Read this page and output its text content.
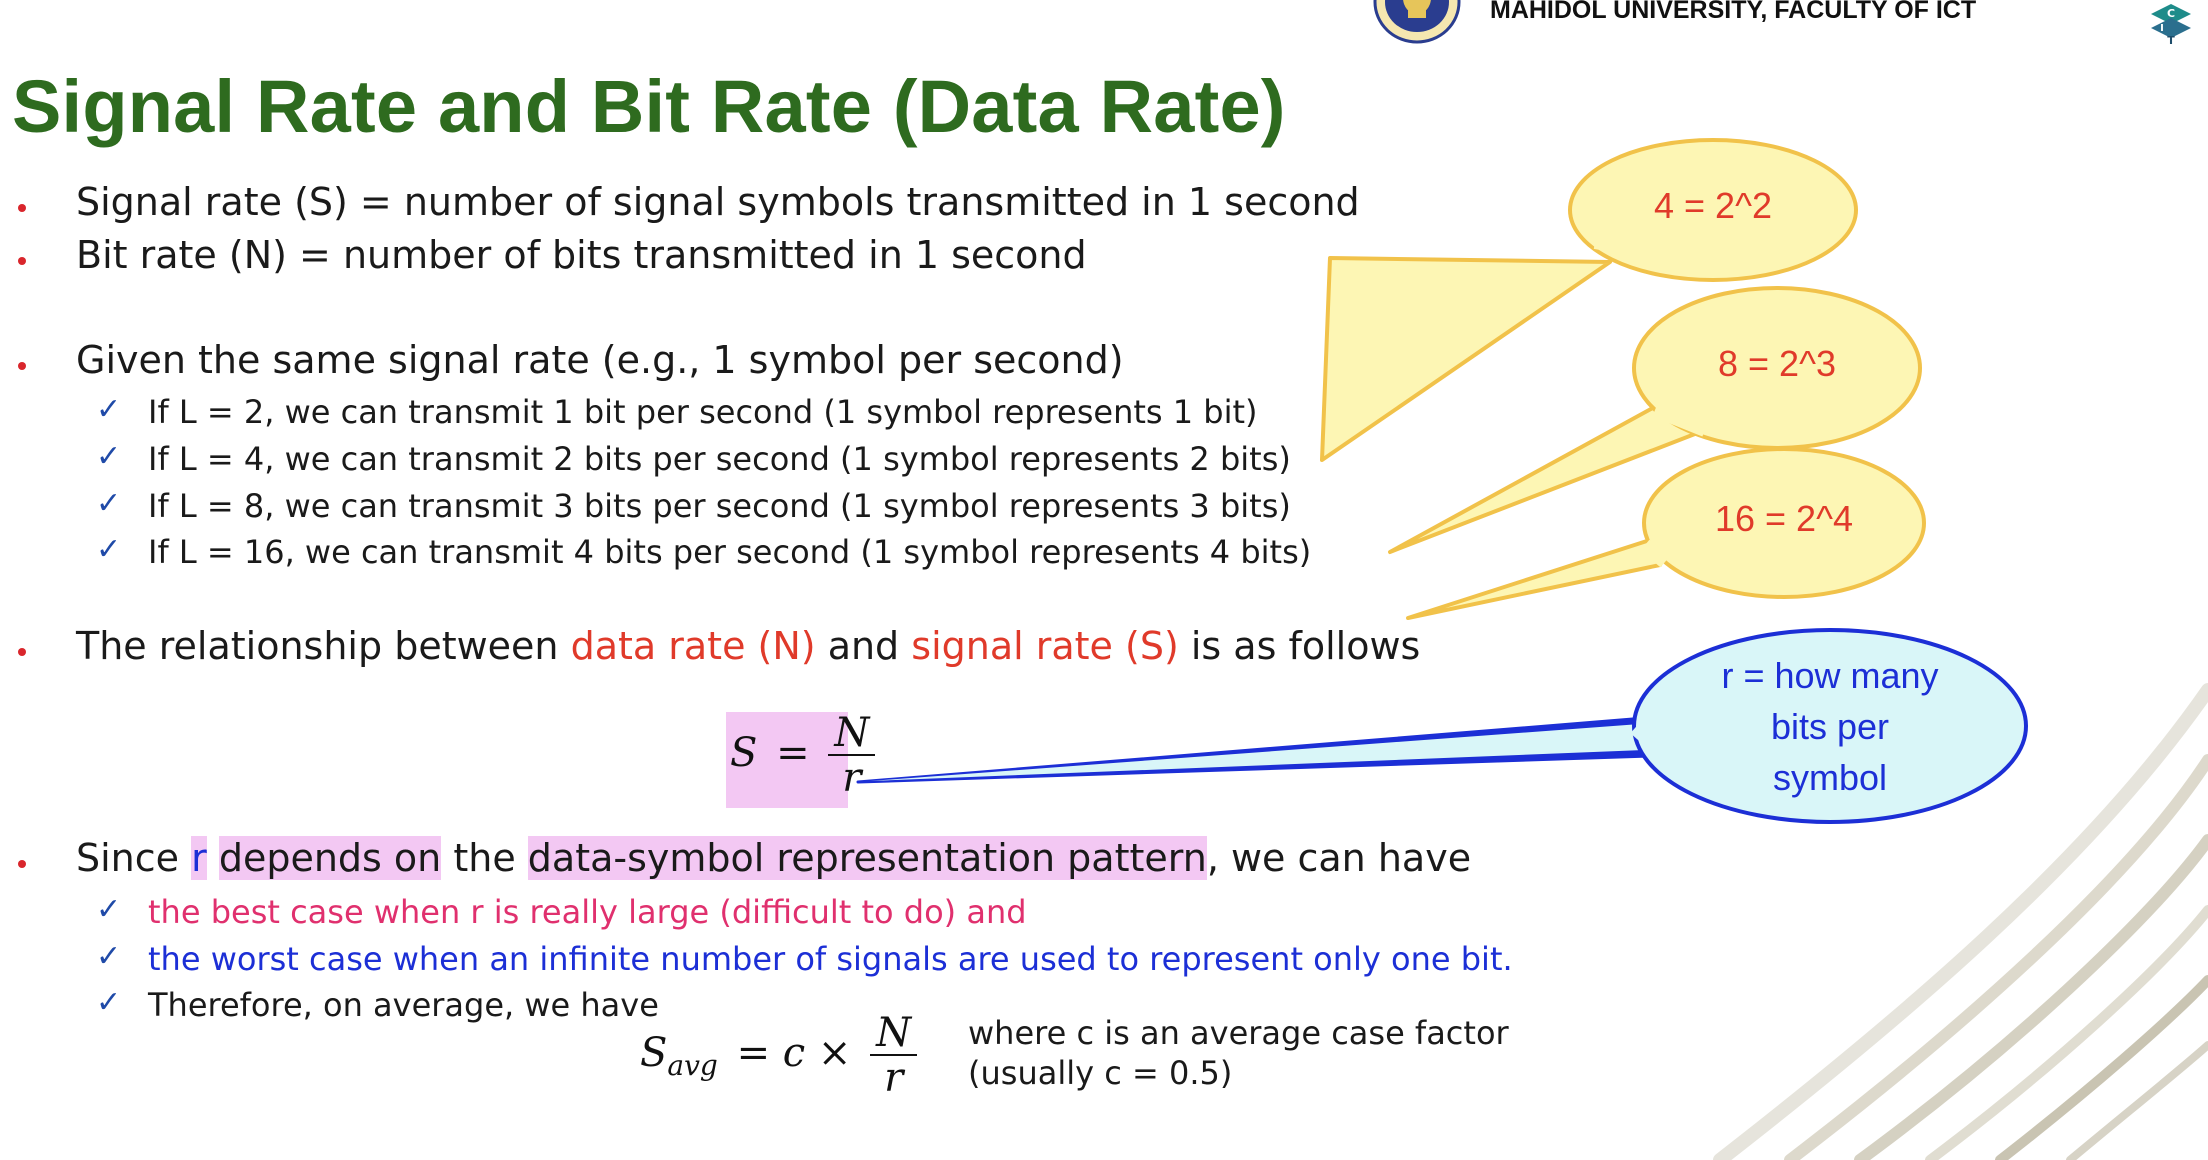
MAHIDOL UNIVERSITY, FACULTY OF ICT	C
I
T
Signal Rate and Bit Rate (Data Rate)
Signal rate (S) = number of signal symbols transmitted in 1 second
Bit rate (N) = number of bits transmitted in 1 second
Given the same signal rate (e.g., 1 symbol per second)
✓ If L = 2, we can transmit 1 bit per second (1 symbol represents 1 bit)
✓ If L = 4, we can transmit 2 bits per second (1 symbol represents 2 bits)
✓ If L = 8, we can transmit 3 bits per second (1 symbol represents 3 bits)
✓ If L = 16, we can transmit 4 bits per second (1 symbol represents 4 bits)
The relationship between data rate (N) and signal rate (S) is as follows
$S = \frac{N}{r}$
Since r depends on the data-symbol representation pattern, we can have
✓ the best case when r is really large (difficult to do) and
✓ the worst case when an infinite number of signals are used to represent only one bit.
✓ Therefore, on average, we have
$S_{avg} = c \times \frac{N}{r}$ where c is an average case factor
(usually c = 0.5)
4 = 2^2
8 = 2^3
16 = 2^4
r = how many
bits per
symbol
